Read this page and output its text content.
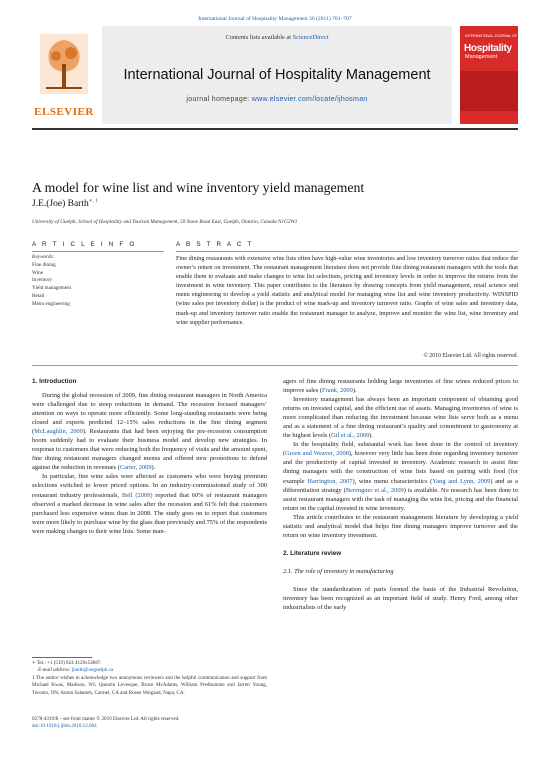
International Journal of Hospitality Management 30 (2011) 701–707
ELSEVIER
Contents lists available at ScienceDirect
International Journal of Hospitality Management
journal homepage: www.elsevier.com/locate/ijhosman
INTERNATIONAL JOURNAL OF
Hospitality
Management
A model for wine list and wine inventory yield management
J.E.(Joe) Barth$^{∗, 1}$
University of Guelph, School of Hospitality and Tourism Management, 50 Stone Road East, Guelph, Ontario, Canada N1G2W1
A R T I C L E I N F O	A B S T R A C T
Keywords:
Fine dining
Wine
Inventory
Yield management
Retail
Menu engineering
Fine dining restaurants with extensive wine lists often have high-value wine inventories and low inventory turnover ratios that reduce the owner’s return on investment. The restaurant management literature does not provide fine dining restaurant managers with the tools that enable them to evaluate and make changes to wine list selections, pricing and inventory levels in order to improve the returns from the investment in wine inventory. This paper contributes to the literature by drawing concepts from yield management, retail science and menu engineering to develop a yield statistic and analytical model for managing wine list and wine inventory productivity. WINSPID (wine sales per inventory dollar) is the product of wine mark-up and inventory turnover ratio. Graphs of wine sales and inventory data, mark-up and inventory turnover ratio enable the restaurant manager to analyze, improve and monitor the wine list, wine inventory and wine supplier performance.
© 2010 Elsevier Ltd. All rights reserved.

1. Introduction

During the global recession of 2009, fine dining restaurant managers in North America were challenged due to steep reductions in demand. The recession focused managers’ attention on ways to operate more efficiently. Some long-standing restaurants were being closed and experts predicted 12–15% sales reductions in the fine dining segment (McLaughlin, 2009). Restaurants that had been enjoying the pre-recession consumption boom suddenly had to evaluate their business model and develop new strategies. In response to customers that were reducing both the frequency of visits and the amount spent, fine dining restaurant managers changed menus and offered new promotions to defend against the reduction in revenues (Carter, 2009).

In particular, fine wine sales were affected as customers who were buying premium selections switched to lower priced options. In an industry-commissioned study of 300 restaurant industry professionals, Bell (2009) reported that 60% of restaurant managers observed a marked decrease in wine sales after the recession and 61% felt that customers purchased less expensive wines than in 2008. The study goes on to report that customers were more likely to purchase wine by the glass than previously and 75% of the respondents were making changes to their wine lists. Some man-

agers of fine dining restaurants holding large inventories of fine wines reduced prices to improve sales (Frank, 2009).

Inventory management has always been an important component of obtaining good returns on invested capital, and the efficient use of assets. Managing inventories of wine is more complicated than reducing the investment because wine lists serve both as a menu and as a statement of a fine dining restaurant’s quality and commitment to gastronomy at the highest levels (Gil et al., 2009).

In the hospitality field, substantial work has been done in the control of inventory (Green and Weaver, 2008), however very little has been done regarding inventory turnover and the productivity of capital invested in inventory. Academic research to assist fine dining managers with the construction of wine lists based on pairing with food (for example Harrington, 2007), wine menu characteristics (Yang and Lynn, 2009) and as a differentiation strategy (Berenguer et al., 2009) is available. No research has been done to assist restaurant managers with the task of managing the wine list, pricing and the financial return on the capital invested in wine inventory.

This article contributes to the restaurant management literature by developing a yield statistic and analytical model that helps fine dining managers improve turnover and the return on wine inventory investment.

2. Literature review

2.1. The role of inventory in manufacturing

Since the standardization of parts formed the basis of the Industrial Revolution, inventory has been recognized as an important field of study. Henry Ford, among other industrialists of the early

∗ Tel.: +1 (519) 824 4120x54887.

E-mail address: jbarth@uoguelph.ca

1 The author wishes to acknowledge two anonymous reviewers and the helpful communication and support from Michael Kwas, Madison, WI; Quentin Levesque, Bruce McAdams, William Predhomme and Jarrett Young, Toronto, ON; Anton Salameh, Carmel, CA and Rosen Weigand, Napa, CA.

0278-4319/$ – see front matter © 2010 Elsevier Ltd. All rights reserved.
doi:10.1016/j.ijhm.2010.12.004
